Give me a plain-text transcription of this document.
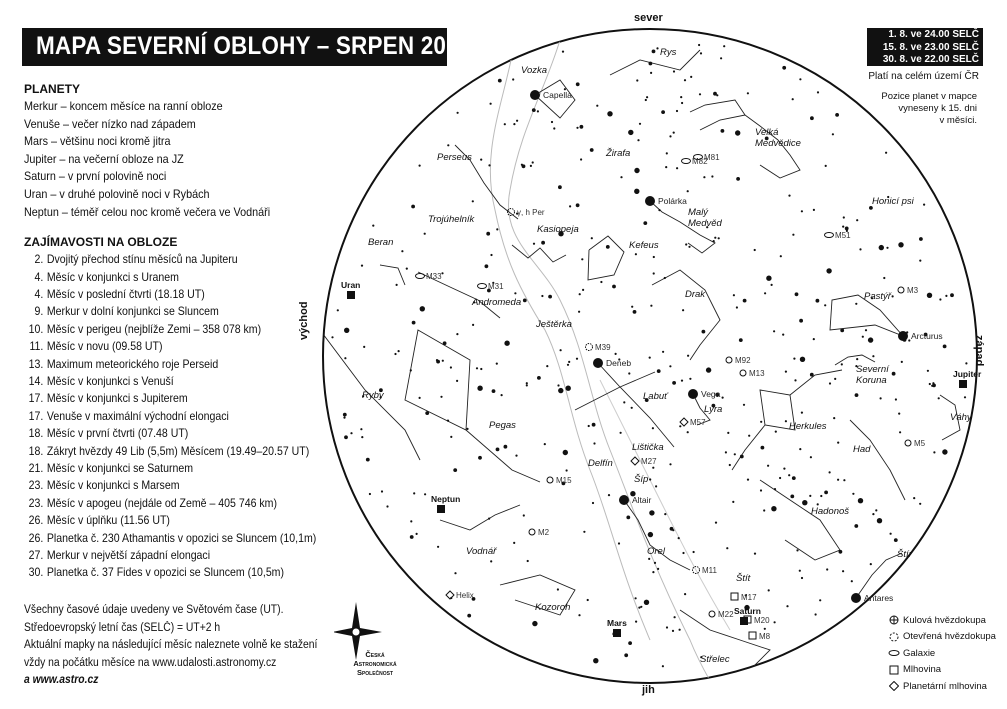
MAPA SEVERNÍ OBLOHY – SRPEN 2018	1. 8. ve 24.00 SELČ
15. 8. ve 23.00 SELČ
30. 8. ve 22.00 SELČ
Platí na celém území ČR
Pozice planet v mapce
vyneseny k 15. dni
v měsíci.
PLANETY
Merkur – koncem měsíce na ranní obloze
Venuše – večer nízko nad západem
Mars – většinu noci kromě jitra
Jupiter – na večerní obloze na JZ
Saturn – v první polovině noci
Uran – v druhé polovině noci v Rybách
Neptun – téměř celou noc kromě večera ve Vodnáři
ZAJÍMAVOSTI NA OBLOZE
2. Dvojitý přechod stínu měsíců na Jupiteru
4. Měsíc v konjunkci s Uranem
4. Měsíc v poslední čtvrti (18.18 UT)
9. Merkur v dolní konjunkci se Sluncem
10. Měsíc v perigeu (nejblíže Zemi – 358 078 km)
11. Měsíc v novu (09.58 UT)
13. Maximum meteorického roje Perseid
14. Měsíc v konjunkci s Venuší
17. Měsíc v konjunkci s Jupiterem
17. Venuše v maximální východní elongaci
18. Měsíc v první čtvrti (07.48 UT)
18. Zákryt hvězdy 49 Lib (5,5m) Měsícem (19.49–20.57 UT)
21. Měsíc v konjunkci se Saturnem
23. Měsíc v konjunkci s Marsem
23. Měsíc v apogeu (nejdále od Země – 405 746 km)
26. Měsíc v úplňku (11.56 UT)
26. Planetka č. 230 Athamantis v opozici se Sluncem (10,1m)
27. Merkur v největší západní elongaci
30. Planetka č. 37 Fides v opozici se Sluncem (10,5m)
Všechny časové údaje uvedeny ve Světovém čase (UT).
Středoevropský letní čas (SELČ) = UT+2 h
Aktuální mapky na následující měsíc naleznete volně ke stažení
vždy na počátku měsíce na www.udalosti.astronomy.cz
a www.astro.cz
sever
jih
východ
západ
Capella
Polárka
Deneb
Vega
Arcturus
Altair
Antares
Rys
Vozka
Velká Medvědice
Žirafa
Perseus
Trojúhelník
Kasiopeja
Malý Medvěd
Honicí psi
Beran	Kefeus
Andromeda
Drak	Pastýř
Ještěrka
Severní Koruna
Ryby	Labuť
Lyra
Pegas	Herkules
Váhy
Lištička	Had
Delfín
Šíp
Hadonoš
Vodnář	Orel	Štír
Štít
Kozoroh
Střelec
Uran
Neptun
Jupiter
Mars
Saturn
M81
M82
M51
M33
M31	M3
M39
M92
M13
M57
M5
M27
M15
M2
Helix
M11
M17
M22
M20
M8
γ, h Per
Česká
Astronomická
Společnost
Kulová hvězdokupa
Otevřená hvězdokupa
Galaxie
Mlhovina
Planetární mlhovina
